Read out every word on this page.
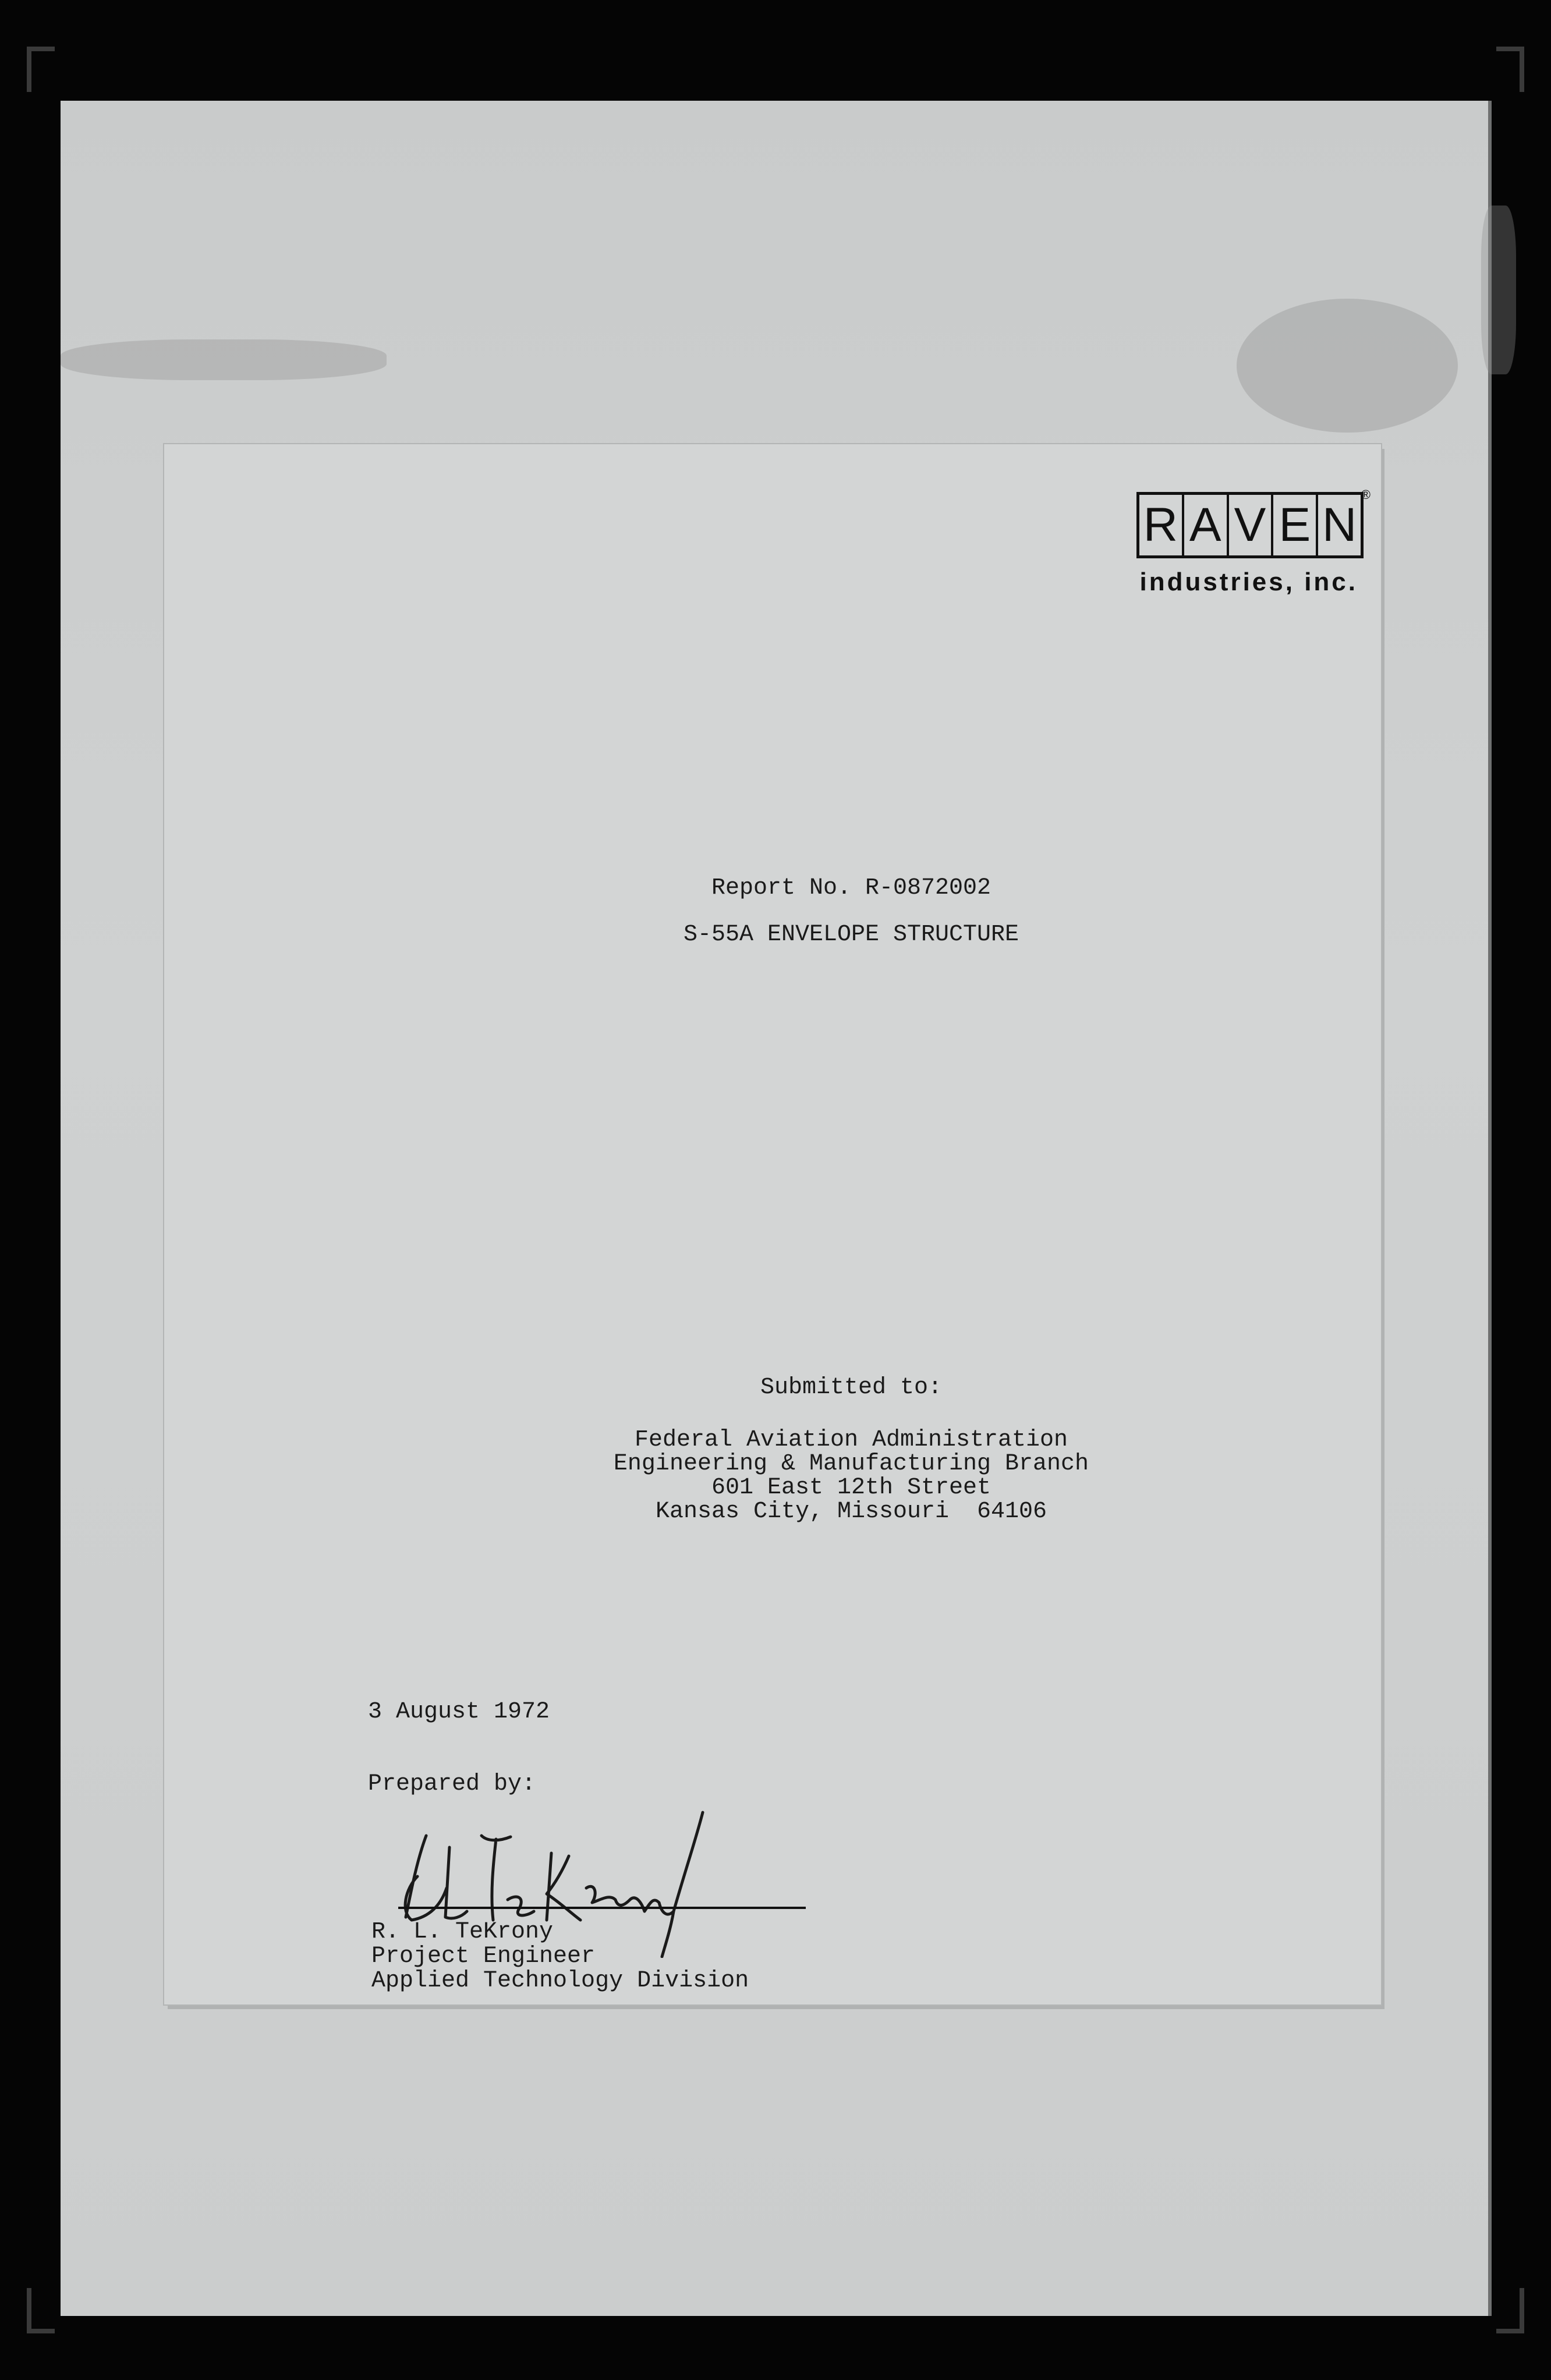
R A V E N
®
industries, inc.
Report No. R-0872002
S-55A ENVELOPE STRUCTURE
Submitted to:
Federal Aviation Administration
Engineering & Manufacturing Branch
601 East 12th Street
Kansas City, Missouri  64106
3 August 1972
Prepared by:
R. L. TeKrony
Project Engineer
Applied Technology Division
